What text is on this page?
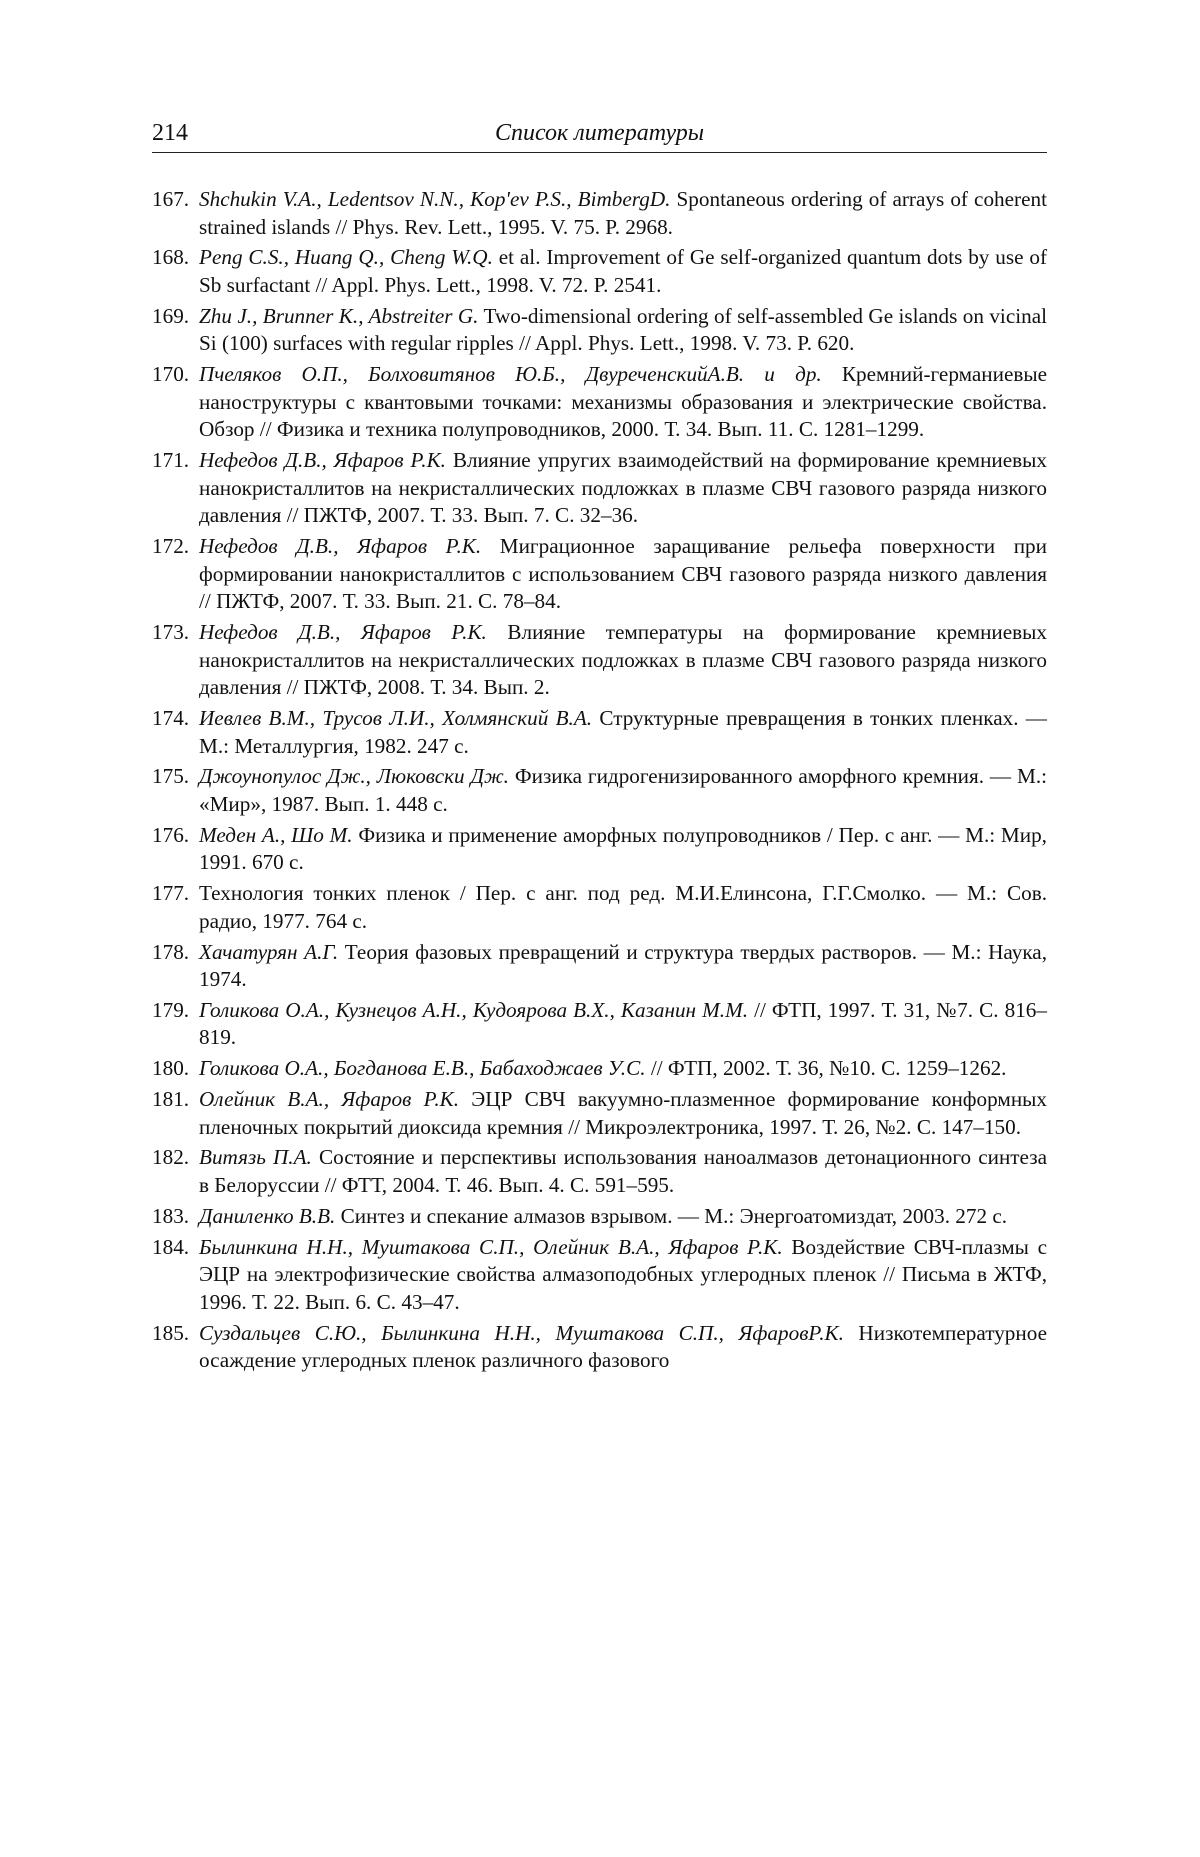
214	Список литературы
167. Shchukin V.A., Ledentsov N.N., Kop'ev P.S., BimbergD. Spontaneous ordering of arrays of coherent strained islands // Phys. Rev. Lett., 1995. V. 75. P. 2968.
168. Peng C.S., Huang Q., Cheng W.Q. et al. Improvement of Ge self-organized quantum dots by use of Sb surfactant // Appl. Phys. Lett., 1998. V. 72. P. 2541.
169. Zhu J., Brunner K., Abstreiter G. Two-dimensional ordering of self-assembled Ge islands on vicinal Si (100) surfaces with regular ripples // Appl. Phys. Lett., 1998. V. 73. P. 620.
170. Пчеляков О.П., Болховитянов Ю.Б., ДвуреченскийА.В. и др. Кремний-германиевые наноструктуры с квантовыми точками: механизмы образования и электрические свойства. Обзор // Физика и техника полупроводников, 2000. Т. 34. Вып. 11. С. 1281–1299.
171. Нефедов Д.В., Яфаров Р.К. Влияние упругих взаимодействий на формирование кремниевых нанокристаллитов на некристаллических подложках в плазме СВЧ газового разряда низкого давления // ПЖТФ, 2007. Т. 33. Вып. 7. С. 32–36.
172. Нефедов Д.В., Яфаров Р.К. Миграционное заращивание рельефа поверхности при формировании нанокристаллитов с использованием СВЧ газового разряда низкого давления // ПЖТФ, 2007. Т. 33. Вып. 21. С. 78–84.
173. Нефедов Д.В., Яфаров Р.К. Влияние температуры на формирование кремниевых нанокристаллитов на некристаллических подложках в плазме СВЧ газового разряда низкого давления // ПЖТФ, 2008. Т. 34. Вып. 2.
174. Иевлев В.М., Трусов Л.И., Холмянский В.А. Структурные превращения в тонких пленках. — М.: Металлургия, 1982. 247 с.
175. Джоунопулос Дж., Люковски Дж. Физика гидрогенизированного аморфного кремния. — М.: «Мир», 1987. Вып. 1. 448 с.
176. Меден А., Шо М. Физика и применение аморфных полупроводников / Пер. с анг. — М.: Мир, 1991. 670 с.
177. Технология тонких пленок / Пер. с анг. под ред. М.И.Елинсона, Г.Г.Смолко. — М.: Сов. радио, 1977. 764 с.
178. Хачатурян А.Г. Теория фазовых превращений и структура твердых растворов. — М.: Наука, 1974.
179. Голикова О.А., Кузнецов А.Н., Кудоярова В.Х., Казанин М.М. // ФТП, 1997. Т. 31, №7. С. 816–819.
180. Голикова О.А., Богданова Е.В., Бабаходжаев У.С. // ФТП, 2002. Т. 36, №10. С. 1259–1262.
181. Олейник В.А., Яфаров Р.К. ЭЦР СВЧ вакуумно-плазменное формирование конформных пленочных покрытий диоксида кремния // Микроэлектроника, 1997. Т. 26, №2. С. 147–150.
182. Витязь П.А. Состояние и перспективы использования наноалмазов детонационного синтеза в Белоруссии // ФТТ, 2004. Т. 46. Вып. 4. С. 591–595.
183. Даниленко В.В. Синтез и спекание алмазов взрывом. — М.: Энергоатомиздат, 2003. 272 с.
184. Былинкина Н.Н., Муштакова С.П., Олейник В.А., Яфаров Р.К. Воздействие СВЧ-плазмы с ЭЦР на электрофизические свойства алмазоподобных углеродных пленок // Письма в ЖТФ, 1996. Т. 22. Вып. 6. С. 43–47.
185. Суздальцев С.Ю., Былинкина Н.Н., Муштакова С.П., ЯфаровР.К. Низкотемпературное осаждение углеродных пленок различного фазового
